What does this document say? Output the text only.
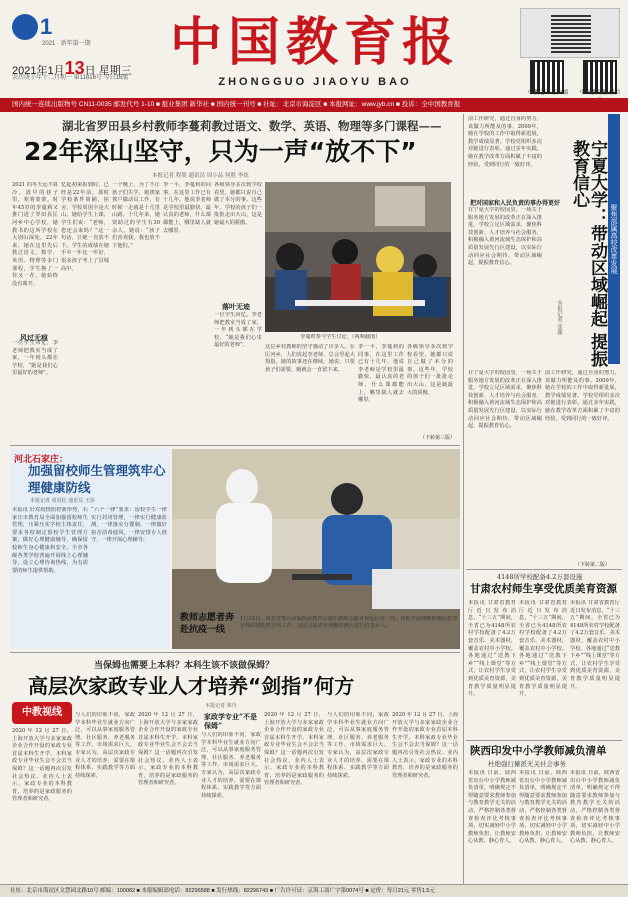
1
2021 · 新年第一期
2021年1月13日 星期三
农历庚子年十二月初一 第11816号 今日16版
中国教育报
ZHONGGUO JIAOYU BAO
中教之声 客户端	中国教育报 微信
国内统一连续出版物号 CN11-0035 邮发代号 1-10 ■ 报业集团 新华社 ■ 国内统一刊号 ■ 社址：北京市海淀区 ■ 本报网址：www.jyb.cn ■ 投诉：全中国教育报
湖北省罗田县乡村教师李蔓莉教过语文、数学、英语、物理等多门课程——
22年深山坚守，只为一声“放不下”
本报记者 程墨 通讯员 周小品 何胜 李炫
2021 的冬天远不算冷。清早的巷子里，寒雾蒙蒙。时年45岁的李蔓莉又推门进了罗田县匡河乡中心学校，她教书的这所学校在大别山深处。22年来，她在这里先后教过语文、数学、英语、物理等多门课程，学生换了一茬又一茬，她始终没有离开。
一位学生回忆，李老师把教室当成了家，一年到头都在学校，“她是我们心里最好的老师”。
风过无痕
忆起初来报到时，已经是22年前。那时学校条件简陋，宿舍、学校周围全是大山。她给学生上课，学生们说：“老师，您还会来吗？”这一句话，让她一直放不下。学生的成绩在她手中一年比一年好，很多孩子考上了县城高中。
一个晚上，为了不让孩子们失学，她挨家挨户做动员工作，有时候一走就是十几里山路。十几年来，她资助过的学生有30余人。她说：“孩子们喜欢我，我也放不下他们。”
李一平，李蔓莉的同事，在这里工作已有十几年，他说李老师是学校里最勤快、最认真的老师，什么课都能上，哪里缺人就去哪里。
各级领导多次到学校看望，她都只说自己做了本分的事。这些年，学校的孩子们一批批走出大山，这是她最大的骄傲。
落叶无迹
一位学生回忆，李老师把教室当成了家，一年到头都在学校，“她是我们心里最好的老师”。
李蔓莉参与学生讨论。（视频截图）
这位乡村教师的坚守感动了许多人。在匡河乡，人们说起李老师，总会竖起大拇指。她的故事还在继续，她说，只要孩子们需要，她就会一直留下来。
李一平，李蔓莉的同事，在这里工作已有十几年，他说李老师是学校里最勤快、最认真的老师，什么课都能上，哪里缺人就去哪里。
各级领导多次到学校看望，她都只说自己做了本分的事。这些年，学校的孩子们一批批走出大山，这是她最大的骄傲。
（下转第三版）
河北石家庄：
加强留校师生管理筑牢心理健康防线
本报记者 周洪松 通讯员 王莎
本报讯 针对疫情防控新形势，石家庄市教育局全面加强留校师生管理，压紧压实学校主体责任，要求各校制定留校学生管理方案，做好心理健康辅导，确保留校师生身心健康和安全。全市各级各类学校普遍开展线上心理辅导，设立心理咨询热线，为有需要的师生提供帮助。
“六个一律”要求：留校学生一律实行封闭管理，一律实行健康监测，一律落实分餐制，一律做好宿舍消毒通风，一律安排专人值守，一律开展心理辅导。
教师志愿者奔赴抗疫一线
1月12日，河北省邢台市临西县教育局组织教师志愿者奔赴抗疫一线，协助开展核酸检测信息登记和疫情防控宣传工作。这是志愿者在核酸检测点进行信息录入。
当保姆也需要上本科？本科生该不该做保姆？
高层次家政专业人才培养“剑指”何方
本报记者 梁丹
中教视线
2020 年 12 月 27 日，上海开放大学与多家家政企业合作开设的家政专业首届本科生开学。本科家政专业毕业生会不会去当保姆？这一话题再次引发社会热议。业内人士表示，家政专业的本科教育，培养的是家政服务的管理者和研究者。
与人们的印象不同，家政学本科毕业生就业方向广泛，可以从事家庭服务管理、社区服务、养老服务等工作，市场需求巨大。专家认为，高层次家政专业人才的培养，需要在课程体系、实践教学等方面持续探索。
2020 年 12 月 27 日，上海开放大学与多家家政企业合作开设的家政专业首届本科生开学。本科家政专业毕业生会不会去当保姆？这一话题再次引发社会热议。业内人士表示，家政专业的本科教育，培养的是家政服务的管理者和研究者。
家政学专业“不是保姆”
与人们的印象不同，家政学本科毕业生就业方向广泛，可以从事家庭服务管理、社区服务、养老服务等工作，市场需求巨大。专家认为，高层次家政专业人才的培养，需要在课程体系、实践教学等方面持续探索。
2020 年 12 月 27 日，上海开放大学与多家家政企业合作开设的家政专业首届本科生开学。本科家政专业毕业生会不会去当保姆？这一话题再次引发社会热议。业内人士表示，家政专业的本科教育，培养的是家政服务的管理者和研究者。
与人们的印象不同，家政学本科毕业生就业方向广泛，可以从事家庭服务管理、社区服务、养老服务等工作，市场需求巨大。专家认为，高层次家政专业人才的培养，需要在课程体系、实践教学等方面持续探索。
2020 年 12 月 27 日，上海开放大学与多家家政企业合作开设的家政专业首届本科生开学。本科家政专业毕业生会不会去当保姆？这一话题再次引发社会热议。业内人士表示，家政专业的本科教育，培养的是家政服务的管理者和研究者。
前工作研究，通过自身的努力，该做力所能及的事。2009年，她在学校的工作中取得新进展，教学成绩显著。学校党组织多次对她进行表彰。通过多年实践，她在教学改革方面积累了丰富的经验，受到同行的一致好评。
把对国家和人民负责的事办得更好
在宁夏大学的校园里，一场关于服务地方发展的改革正在深入推进。学校立足区域需求，聚焦科技创新、人才培养与社会服务，积极融入黄河流域生态保护和高质量发展先行区建设，以实际行动回应社会期待，带动区域崛起，提振教育信心。	聚焦部属高校改革发展
宁夏大学：带动区域崛起 提振教育信心
本报记者 张鑫
在宁夏大学的校园里，一场关于服务地方发展的改革正在深入推进。学校立足区域需求，聚焦科技创新、人才培养与社会服务，积极融入黄河流域生态保护和高质量发展先行区建设，以实际行动回应社会期待，带动区域崛起，提振教育信心。
前工作研究，通过自身的努力，该做力所能及的事。2009年，她在学校的工作中取得新进展，教学成绩显著。学校党组织多次对她进行表彰。通过多年实践，她在教学改革方面积累了丰富的经验，受到同行的一致好评。
（下转第二版）
4148所学校配备4.2万套设施
甘肃农村师生享受优质美育资源
本报讯 甘肃省教育厅近日发布消息，“十三五”期间，全省已为4148所农村学校配备了4.2万套音乐、美术器材，覆盖农村中小学校。各地通过“送教下乡”“线上课堂”等方式，让农村学生享受到优质美育资源，美育教学质量明显提升。
本报讯 甘肃省教育厅近日发布消息，“十三五”期间，全省已为4148所农村学校配备了4.2万套音乐、美术器材，覆盖农村中小学校。各地通过“送教下乡”“线上课堂”等方式，让农村学生享受到优质美育资源，美育教学质量明显提升。
本报讯 甘肃省教育厅近日发布消息，“十三五”期间，全省已为4148所农村学校配备了4.2万套音乐、美术器材，覆盖农村中小学校。各地通过“送教下乡”“线上课堂”等方式，让农村学生享受到优质美育资源，美育教学质量明显提升。
陕西印发中小学教师减负清单
杜绝强行摊派无关社会事务
本报讯 日前，陕西省出台中小学教师减负清单，明确规定不得随意要求教师参加与教育教学无关的活动，严格控制各类督查检查评比考核事项，切实减轻中小学教师负担，让教师安心从教、静心育人。
本报讯 日前，陕西省出台中小学教师减负清单，明确规定不得随意要求教师参加与教育教学无关的活动，严格控制各类督查检查评比考核事项，切实减轻中小学教师负担，让教师安心从教、静心育人。
本报讯 日前，陕西省出台中小学教师减负清单，明确规定不得随意要求教师参加与教育教学无关的活动，严格控制各类督查检查评比考核事项，切实减轻中小学教师负担，让教师安心从教、静心育人。
社址：北京市海淀区文慧园北路10号 邮编：100082 ■ 本报编辑部电话：82296588 ■ 发行热线：82296743 ■ 广告许可证：京海工商广字第0074号 ■ 定价：每月21元 零售1.5元
